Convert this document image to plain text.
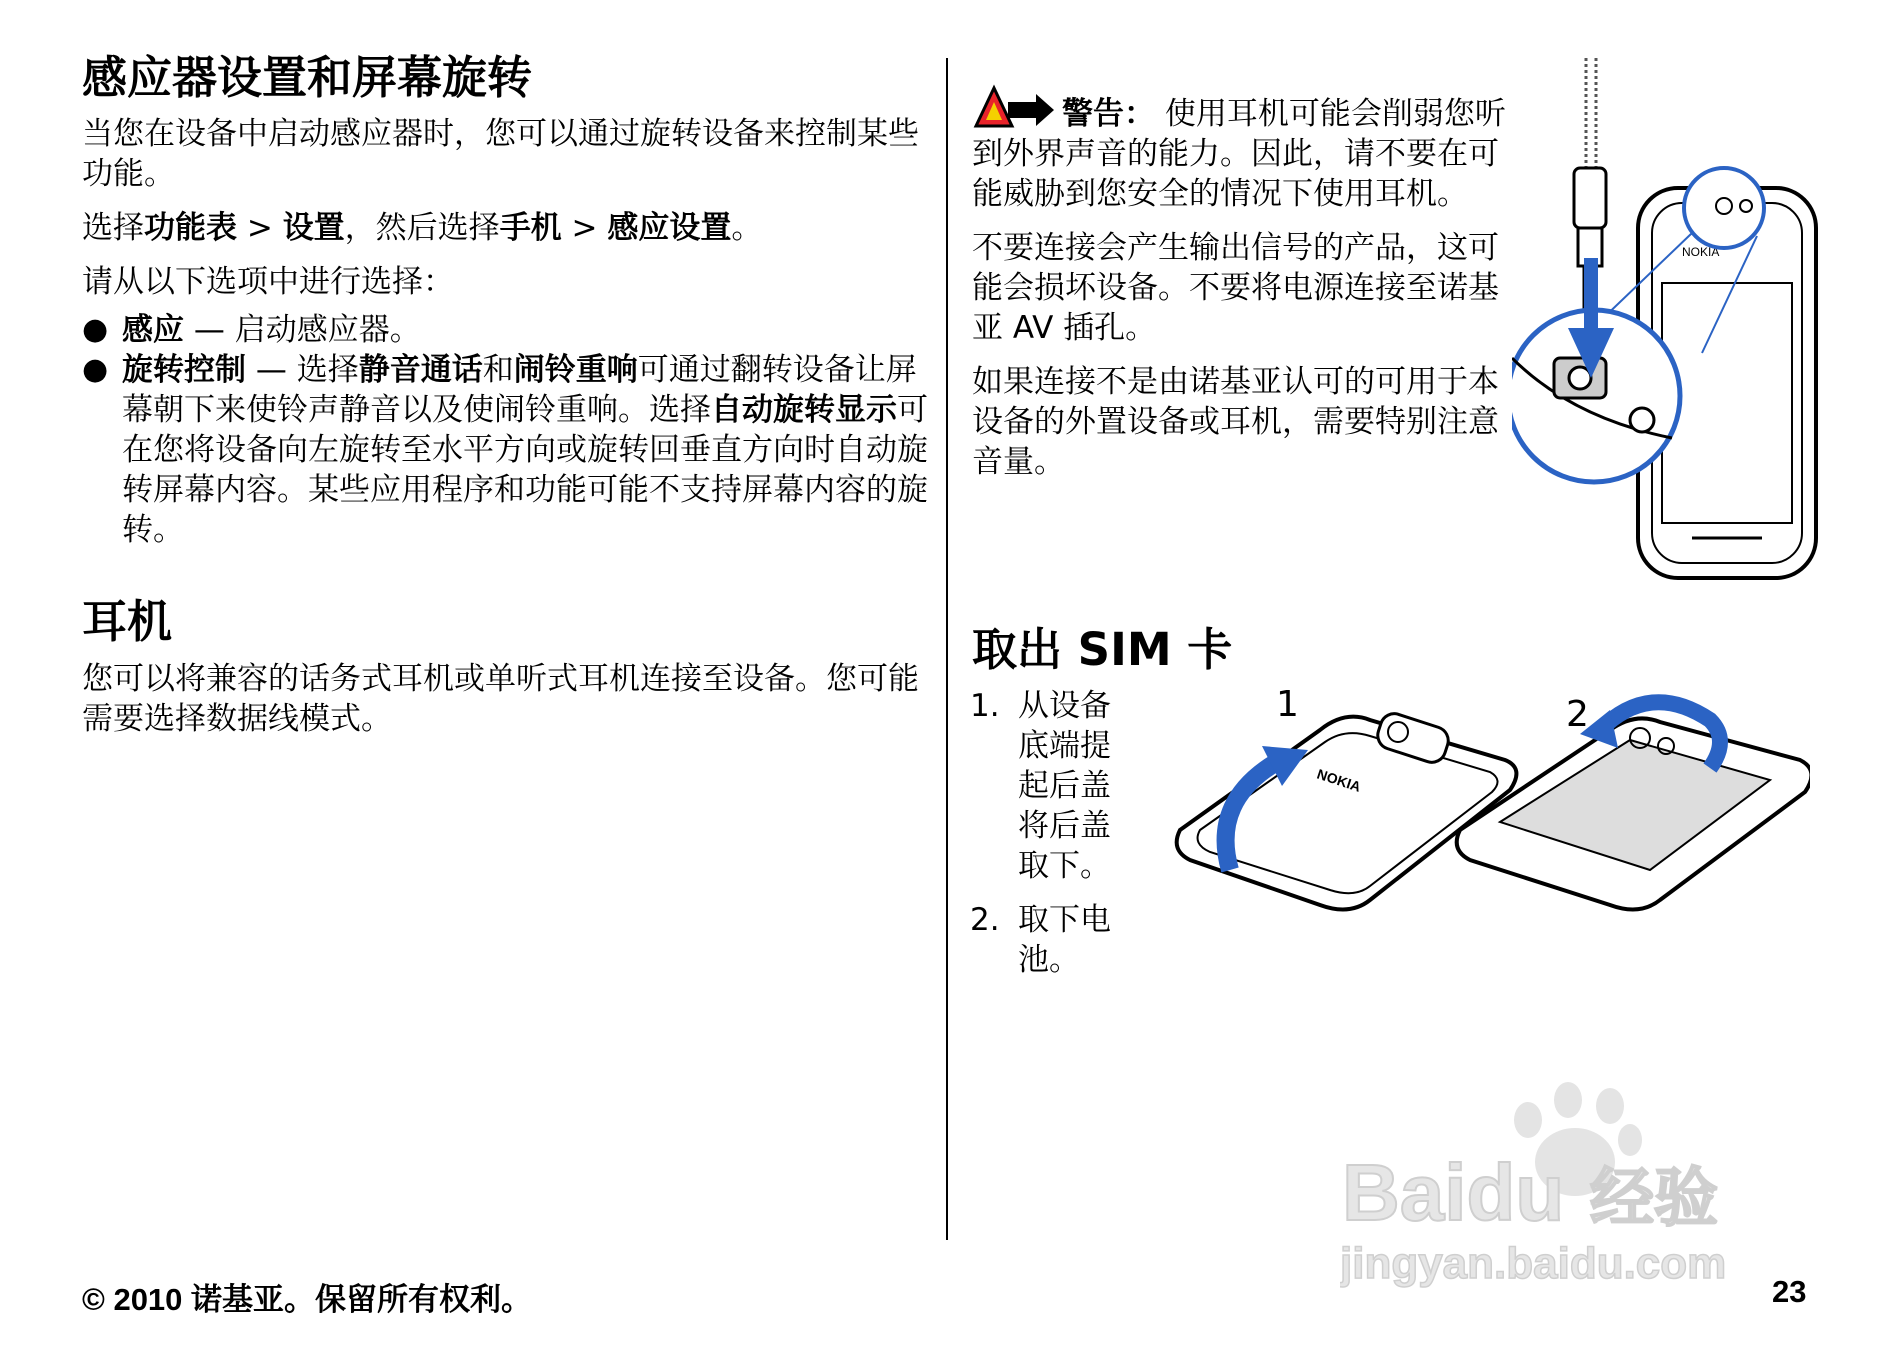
感应器设置和屏幕旋转

当您在设备中启动感应器时，您可以通过旋转设备来控制某些功能。

选择功能表 > 设置，然后选择手机 > 感应设置。

请从以下选项中进行选择：

● 感应 — 启动感应器。
● 旋转控制 — 选择静音通话和闹铃重响可通过翻转设备让屏幕朝下来使铃声静音以及使闹铃重响。选择自动旋转显示可在您将设备向左旋转至水平方向或旋转回垂直方向时自动旋转屏幕内容。某些应用程序和功能可能不支持屏幕内容的旋转。
耳机

您可以将兼容的话务式耳机或单听式耳机连接至设备。您可能需要选择数据线模式。

警告： 使用耳机可能会削弱您听到外界声音的能力。因此，请不要在可能威胁到您安全的情况下使用耳机。

不要连接会产生输出信号的产品，这可能会损坏设备。不要将电源连接至诺基亚 AV 插孔。

如果连接不是由诺基亚认可的可用于本设备的外置设备或耳机，需要特别注意音量。

NOKIA
取出 SIM 卡
1. 从设备底端提起后盖将后盖取下。
2. 取下电池。
NOKIA
1	2
Baidu 经验
jingyan.baidu.com
© 2010 诺基亚。保留所有权利。	23
